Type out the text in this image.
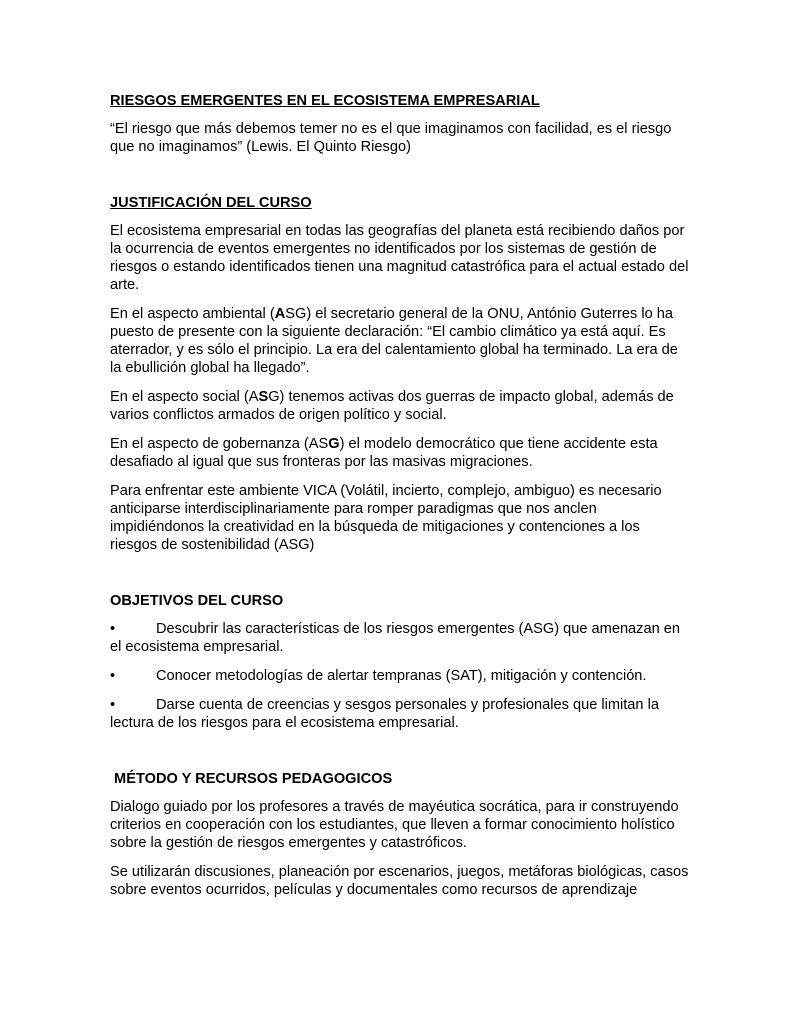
RIESGOS EMERGENTES EN EL ECOSISTEMA EMPRESARIAL

“El riesgo que más debemos temer no es el que imaginamos con facilidad, es el riesgo que no imaginamos” (Lewis. El Quinto Riesgo)

JUSTIFICACIÓN DEL CURSO

El ecosistema empresarial en todas las geografías del planeta está recibiendo daños por la ocurrencia de eventos emergentes no identificados por los sistemas de gestión de riesgos o estando identificados tienen una magnitud catastrófica para el actual estado del arte.

En el aspecto ambiental (ASG) el secretario general de la ONU, António Guterres lo ha puesto de presente con la siguiente declaración: “El cambio climático ya está aquí. Es aterrador, y es sólo el principio. La era del calentamiento global ha terminado. La era de la ebullición global ha llegado”.

En el aspecto social (ASG) tenemos activas dos guerras de impacto global, además de varios conflictos armados de origen político y social.

En el aspecto de gobernanza (ASG) el modelo democrático que tiene accidente esta desafiado al igual que sus fronteras por las masivas migraciones.

Para enfrentar este ambiente VICA (Volátil, incierto, complejo, ambiguo) es necesario anticiparse interdisciplinariamente para romper paradigmas que nos anclen impidiéndonos la creatividad en la búsqueda de mitigaciones y contenciones a los riesgos de sostenibilidad (ASG)

OBJETIVOS DEL CURSO

•	Descubrir las características de los riesgos emergentes (ASG) que amenazan en el ecosistema empresarial.

•	Conocer metodologías de alertar tempranas (SAT), mitigación y contención.

•	Darse cuenta de creencias y sesgos personales y profesionales que limitan la lectura de los riesgos para el ecosistema empresarial.

MÉTODO Y RECURSOS PEDAGOGICOS

Dialogo guiado por los profesores a través de mayéutica socrática, para ir construyendo criterios en cooperación con los estudiantes, que lleven a formar conocimiento holístico sobre la gestión de riesgos emergentes y catastróficos.

Se utilizarán discusiones, planeación por escenarios, juegos, metáforas biológicas, casos sobre eventos ocurridos, películas y documentales como recursos de aprendizaje
